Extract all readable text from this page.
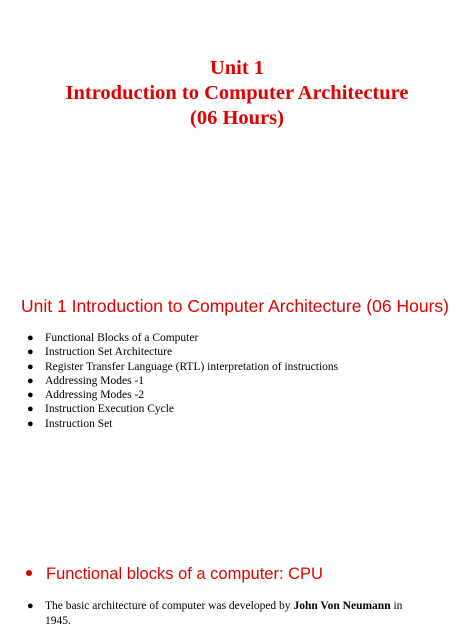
Unit 1
Introduction to Computer Architecture
(06 Hours)
Unit 1 Introduction to Computer Architecture (06 Hours)
● Functional Blocks of a Computer
● Instruction Set Architecture
● Register Transfer Language (RTL) interpretation of instructions
● Addressing Modes -1
● Addressing Modes -2
● Instruction Execution Cycle
● Instruction Set
Functional blocks of a computer: CPU
● The basic architecture of computer was developed by John Von Neumann in 1945.
